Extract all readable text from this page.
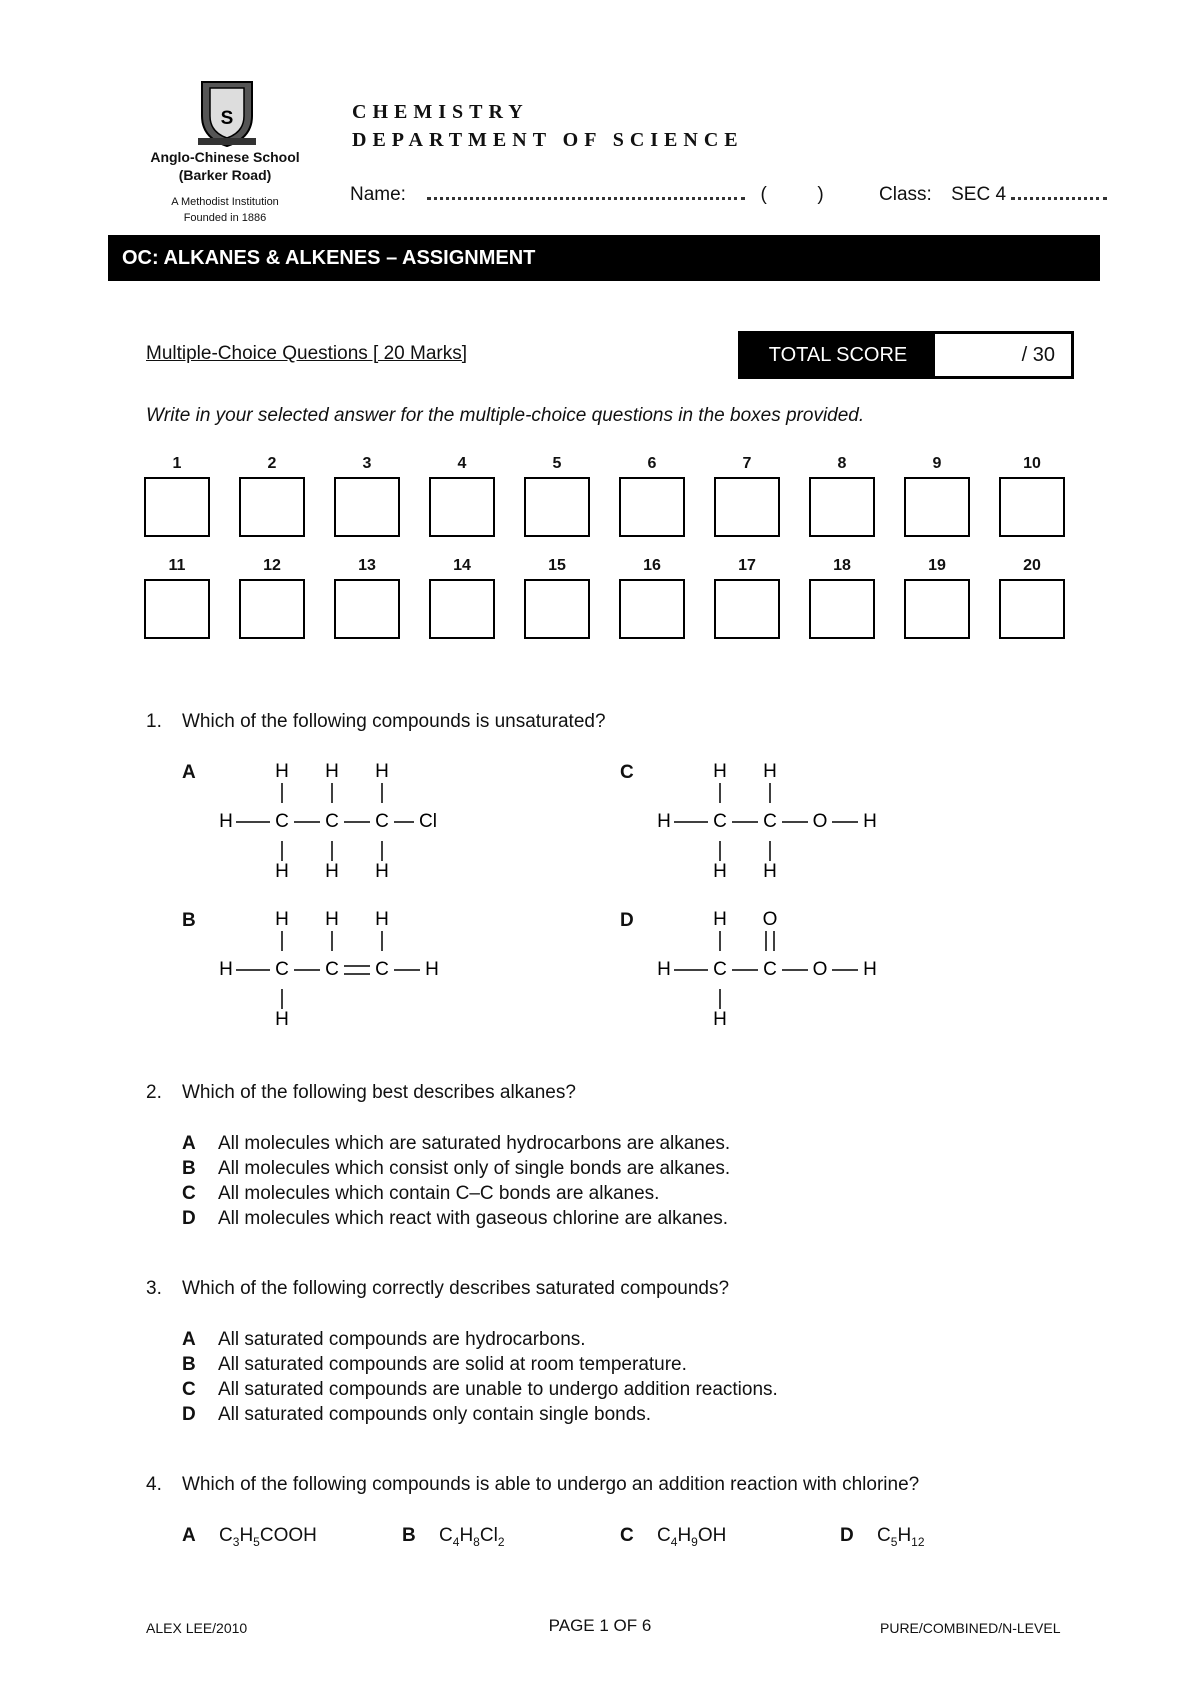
S
Anglo-Chinese School
(Barker Road)
A Methodist Institution
Founded in 1886
CHEMISTRY
DEPARTMENT OF SCIENCE
Name:	(	)	Class: SEC 4
OC: ALKANES & ALKENES – ASSIGNMENT
Multiple-Choice Questions [ 20 Marks]	TOTAL SCORE	/ 30
Write in your selected answer for the multiple-choice questions in the boxes provided.
1	2	3	4	5	6	7	8	9	10
11	12	13	14	15	16	17	18	19	20
1. Which of the following compounds is unsaturated?
A	H H H
H C C C Cl
H H H
C	H H
H C C O H
H H
B	H H H
H C C C H
H
D	H O
H C C O H
H
2. Which of the following best describes alkanes?
A	All molecules which are saturated hydrocarbons are alkanes.
B	All molecules which consist only of single bonds are alkanes.
C	All molecules which contain C–C bonds are alkanes.
D	All molecules which react with gaseous chlorine are alkanes.
3. Which of the following correctly describes saturated compounds?
A	All saturated compounds are hydrocarbons.
B	All saturated compounds are solid at room temperature.
C	All saturated compounds are unable to undergo addition reactions.
D	All saturated compounds only contain single bonds.
4. Which of the following compounds is able to undergo an addition reaction with chlorine?
A $C_3H_5COOH$	B $C_4H_8Cl_2$	C $C_4H_9OH$	D $C_5H_{12}$
ALEX LEE/2010	PAGE 1 OF 6	PURE/COMBINED/N-LEVEL
